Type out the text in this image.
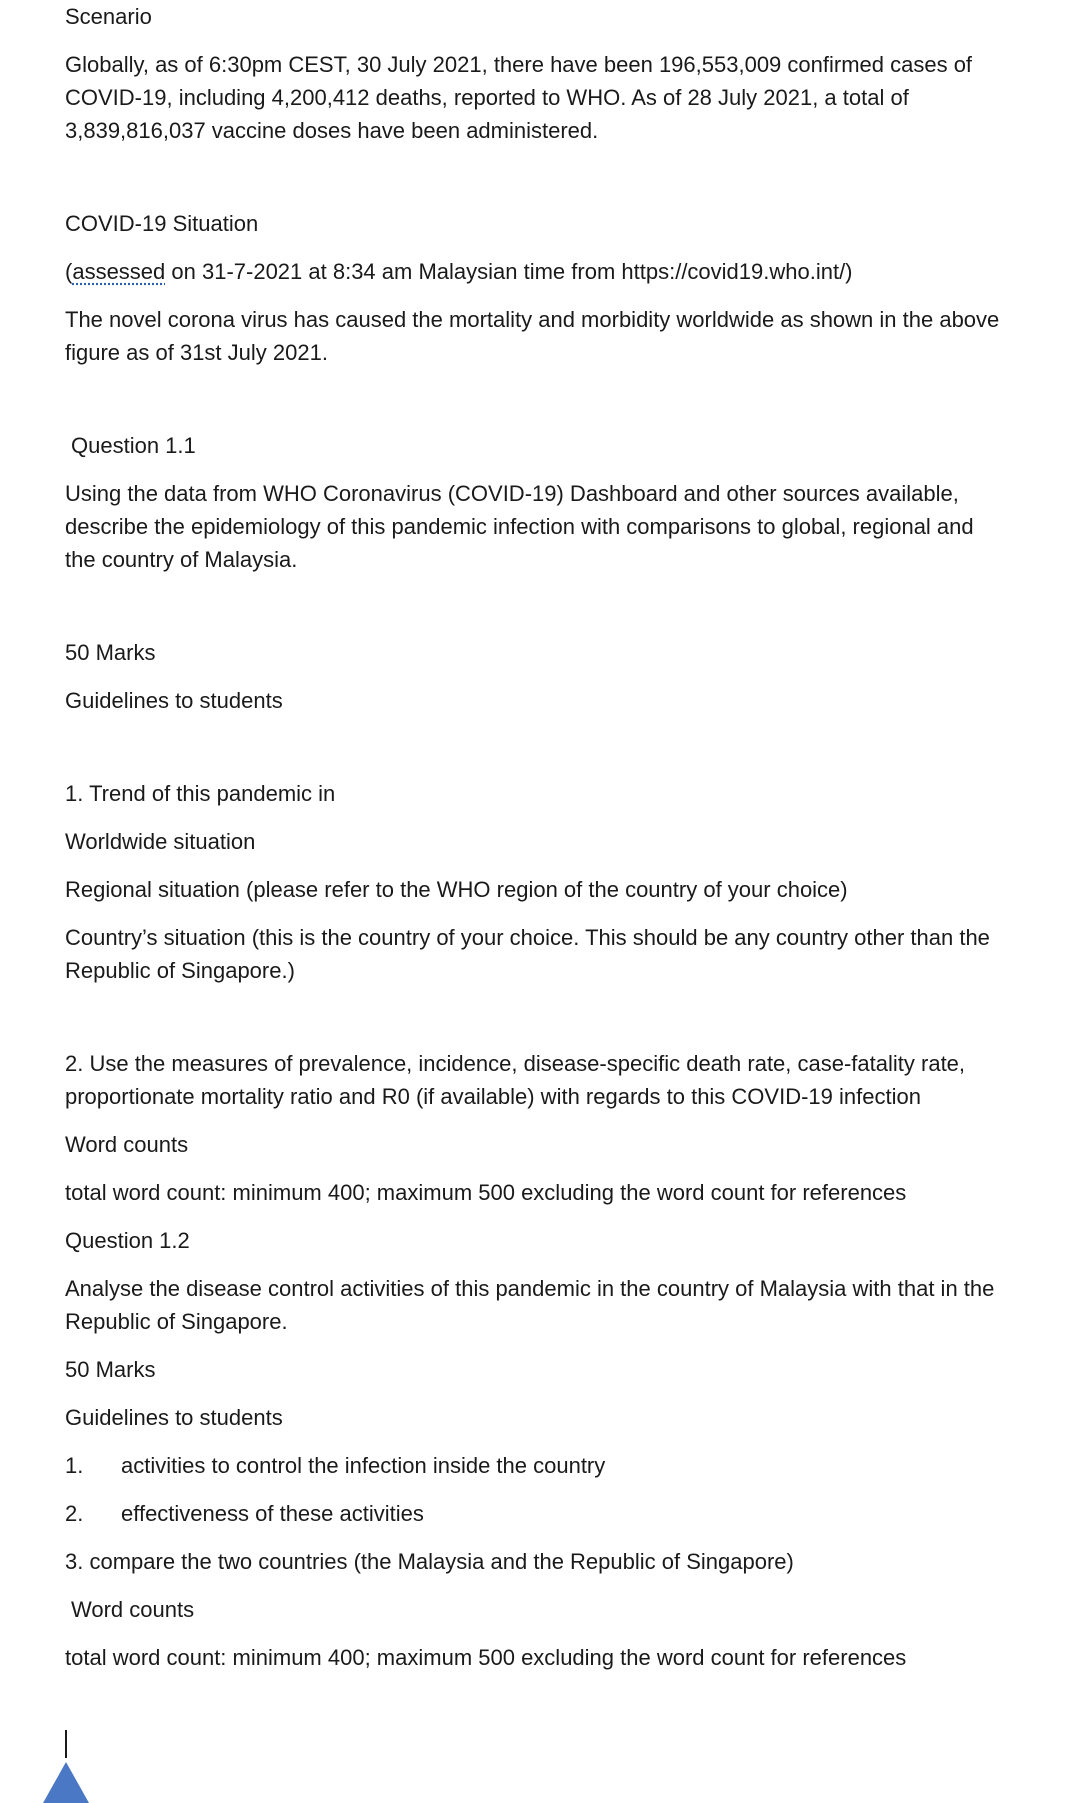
Scenario

Globally, as of 6:30pm CEST, 30 July 2021, there have been 196,553,009 confirmed cases of COVID-19, including 4,200,412 deaths, reported to WHO. As of 28 July 2021, a total of 3,839,816,037 vaccine doses have been administered.

COVID-19 Situation

(assessed on 31-7-2021 at 8:34 am Malaysian time from https://covid19.who.int/)

The novel corona virus has caused the mortality and morbidity worldwide as shown in the above figure as of 31st July 2021.

Question 1.1

Using the data from WHO Coronavirus (COVID-19) Dashboard and other sources available, describe the epidemiology of this pandemic infection with comparisons to global, regional and the country of Malaysia.

50 Marks

Guidelines to students

1. Trend of this pandemic in

Worldwide situation

Regional situation (please refer to the WHO region of the country of your choice)

Country’s situation (this is the country of your choice. This should be any country other than the Republic of Singapore.)

2. Use the measures of prevalence, incidence, disease-specific death rate, case-fatality rate, proportionate mortality ratio and R0 (if available) with regards to this COVID-19 infection

Word counts

total word count: minimum 400; maximum 500 excluding the word count for references

Question 1.2

Analyse the disease control activities of this pandemic in the country of Malaysia with that in the Republic of Singapore.

50 Marks

Guidelines to students

1.	activities to control the infection inside the country
2.	effectiveness of these activities

3. compare the two countries (the Malaysia and the Republic of Singapore)

Word counts

total word count: minimum 400; maximum 500 excluding the word count for references
